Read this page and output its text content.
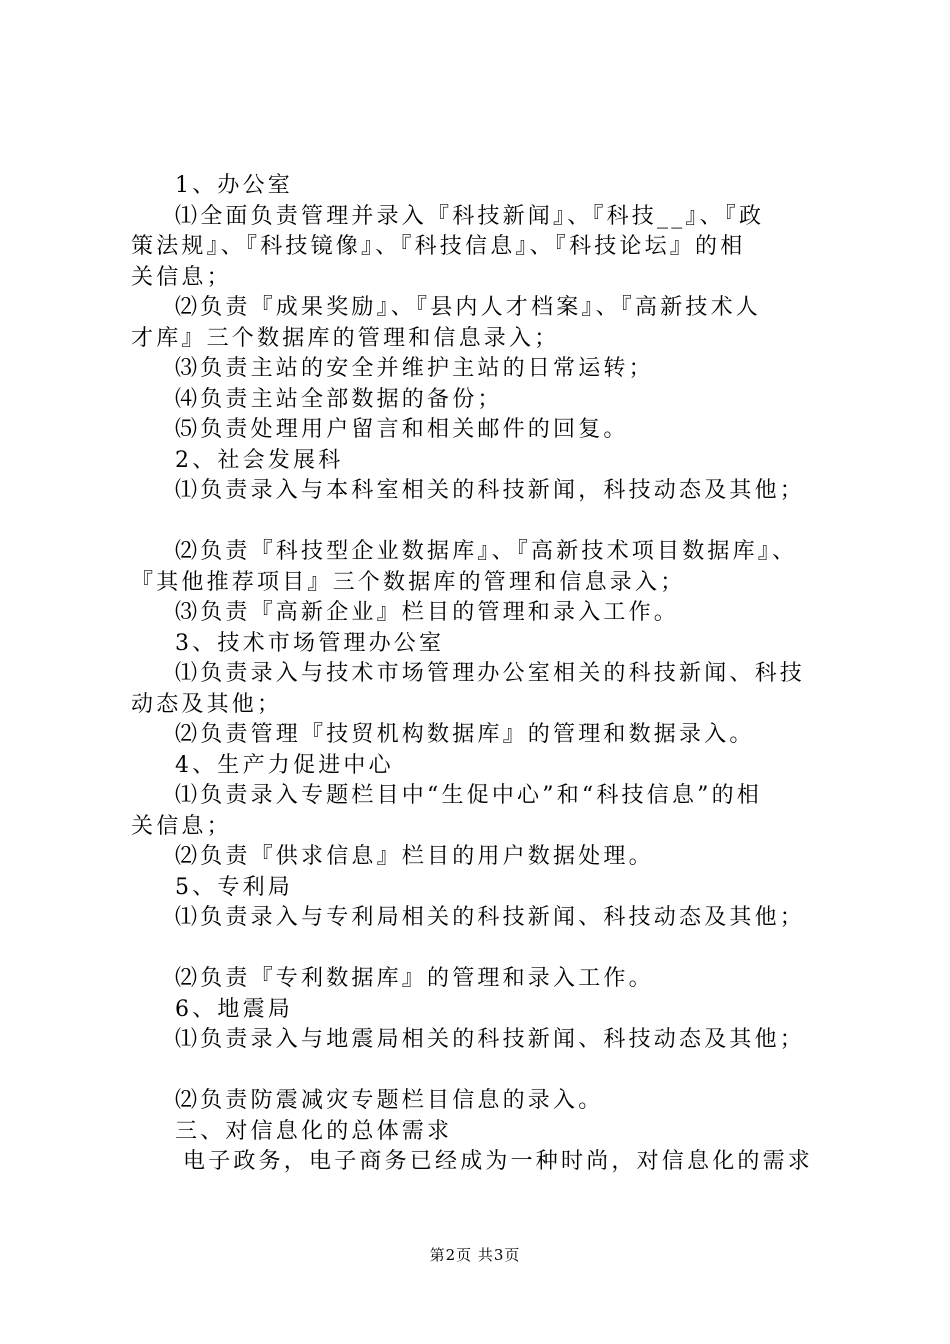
1、办公室
⑴全面负责管理并录入『科技新闻』、『科技__』、『政
策法规』、『科技镜像』、『科技信息』、『科技论坛』的相
关信息；
⑵负责『成果奖励』、『县内人才档案』、『高新技术人
才库』三个数据库的管理和信息录入；
⑶负责主站的安全并维护主站的日常运转；
⑷负责主站全部数据的备份；
⑸负责处理用户留言和相关邮件的回复。
2、社会发展科
⑴负责录入与本科室相关的科技新闻，科技动态及其他；
⑵负责『科技型企业数据库』、『高新技术项目数据库』、
『其他推荐项目』三个数据库的管理和信息录入；
⑶负责『高新企业』栏目的管理和录入工作。
3、技术市场管理办公室
⑴负责录入与技术市场管理办公室相关的科技新闻、科技
动态及其他；
⑵负责管理『技贸机构数据库』的管理和数据录入。
4、生产力促进中心
⑴负责录入专题栏目中“生促中心”和“科技信息”的相
关信息；
⑵负责『供求信息』栏目的用户数据处理。
5、专利局
⑴负责录入与专利局相关的科技新闻、科技动态及其他；
⑵负责『专利数据库』的管理和录入工作。
6、地震局
⑴负责录入与地震局相关的科技新闻、科技动态及其他；
⑵负责防震减灾专题栏目信息的录入。
三、对信息化的总体需求
电子政务，电子商务已经成为一种时尚，对信息化的需求
第2页 共3页
